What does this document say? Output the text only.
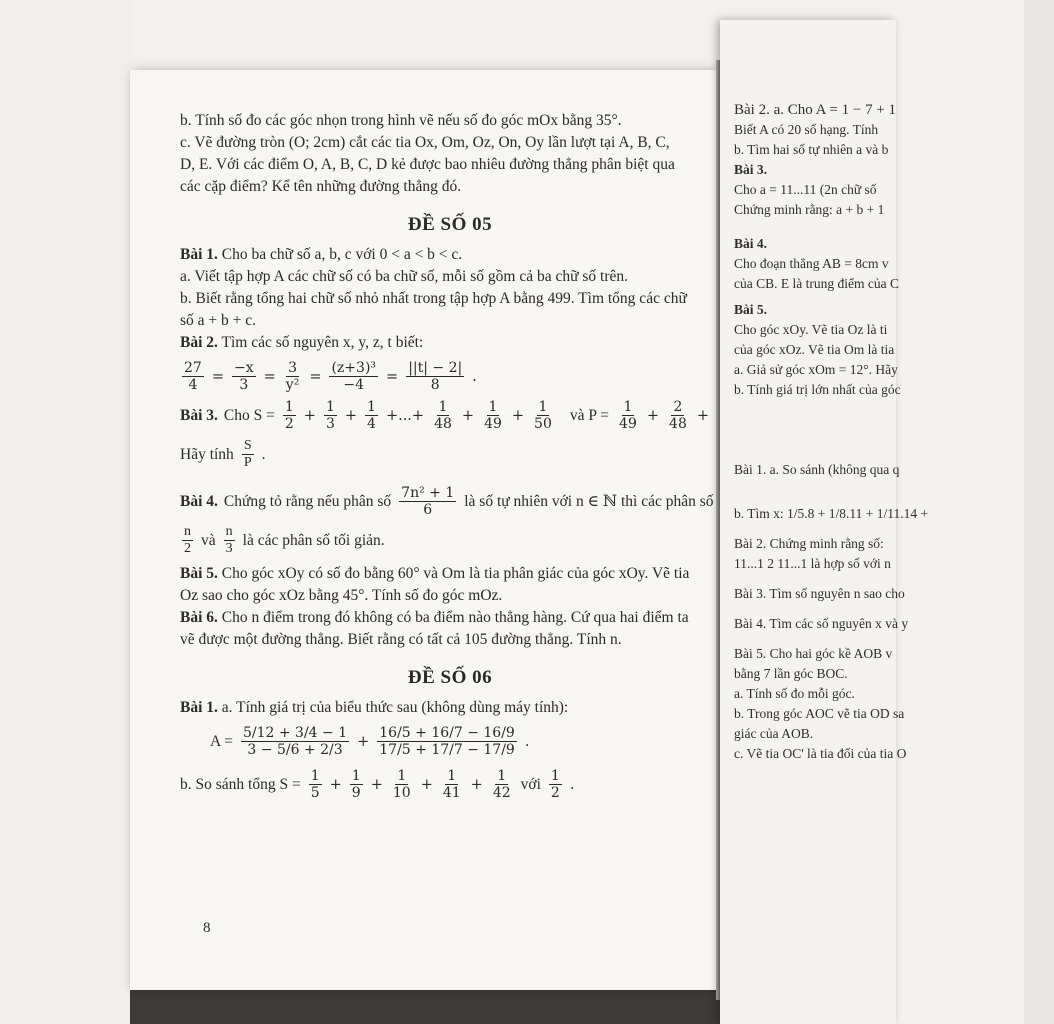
b. Tính số đo các góc nhọn trong hình vẽ nếu số đo góc mOx bằng 35°.
c. Vẽ đường tròn (O; 2cm) cắt các tia Ox, Om, Oz, On, Oy lần lượt tại A, B, C,
D, E. Với các điểm O, A, B, C, D kẻ được bao nhiêu đường thẳng phân biệt qua
các cặp điểm? Kể tên những đường thẳng đó.
ĐỀ SỐ 05
Bài 1. Cho ba chữ số a, b, c với 0 < a < b < c.
a. Viết tập hợp A các chữ số có ba chữ số, mỗi số gồm cả ba chữ số trên.
b. Biết rằng tổng hai chữ số nhỏ nhất trong tập hợp A bằng 499. Tìm tổng các chữ
số a + b + c.
Bài 2. Tìm các số nguyên x, y, z, t biết:
$\frac{27}{4} = \frac{-x}{3} = \frac{3}{\text{y²}} = \frac{\text{(z+3)³}}{-4} = \frac{||t| - 2|}{8}$ .
Bài 3. Cho $S = \frac{1}{2} + \frac{1}{3} + \frac{1}{4}$ +...+ $\frac{1}{48} + \frac{1}{49} + \frac{1}{50}$ và $P = \frac{1}{49} + \frac{2}{48}$ +
Hãy tính $\frac{S}{P}$ .
Bài 4. Chứng tỏ rằng nếu phân số $\frac{\text{7n² + 1}}{6}$ là số tự nhiên với n ∈ ℕ thì các phân số
$\frac{n}{2}$ và $\frac{n}{3}$ là các phân số tối giản.
Bài 5. Cho góc xOy có số đo bằng 60° và Om là tia phân giác của góc xOy. Vẽ tia
Oz sao cho góc xOz bằng 45°. Tính số đo góc mOz.
Bài 6. Cho n điểm trong đó không có ba điểm nào thẳng hàng. Cứ qua hai điểm ta
vẽ được một đường thẳng. Biết rằng có tất cả 105 đường thẳng. Tính n.
ĐỀ SỐ 06
Bài 1. a. Tính giá trị của biểu thức sau (không dùng máy tính):
$A = \frac{5/12 + 3/4 - 1}{3 - 5/6 + 2/3} + \frac{16/5 + 16/7 - 16/9}{17/5 + 17/7 - 17/9}$ .
b. So sánh tổng $S = \frac{1}{5} + \frac{1}{9} + \frac{1}{10} + \frac{1}{41} + \frac{1}{42}$ với $\frac{1}{2}$ .
8
Bài 2. a. Cho A = 1 − 7 + 1
Biết A có 20 số hạng. Tính
b. Tìm hai số tự nhiên a và b
Bài 3.
Cho a = 11...11 (2n chữ số
Chứng minh rằng: a + b + 1
Bài 4.
Cho đoạn thẳng AB = 8cm v
của CB. E là trung điểm của C
Bài 5.
Cho góc xOy. Vẽ tia Oz là ti
của góc xOz. Vẽ tia Om là tia
a. Giả sử góc xOm = 12°. Hãy
b. Tính giá trị lớn nhất của góc
Bài 1. a. So sánh (không qua q
b. Tìm x: 1/5.8 + 1/8.11 + 1/11.14 +
Bài 2. Chứng minh rằng số:
11...1 2 11...1 là hợp số với n
Bài 3. Tìm số nguyên n sao cho
Bài 4. Tìm các số nguyên x và y
Bài 5. Cho hai góc kề AOB v
bằng 7 lần góc BOC.
a. Tính số đo mỗi góc.
b. Trong góc AOC vẽ tia OD sa
giác của AOB.
c. Vẽ tia OC' là tia đối của tia O
